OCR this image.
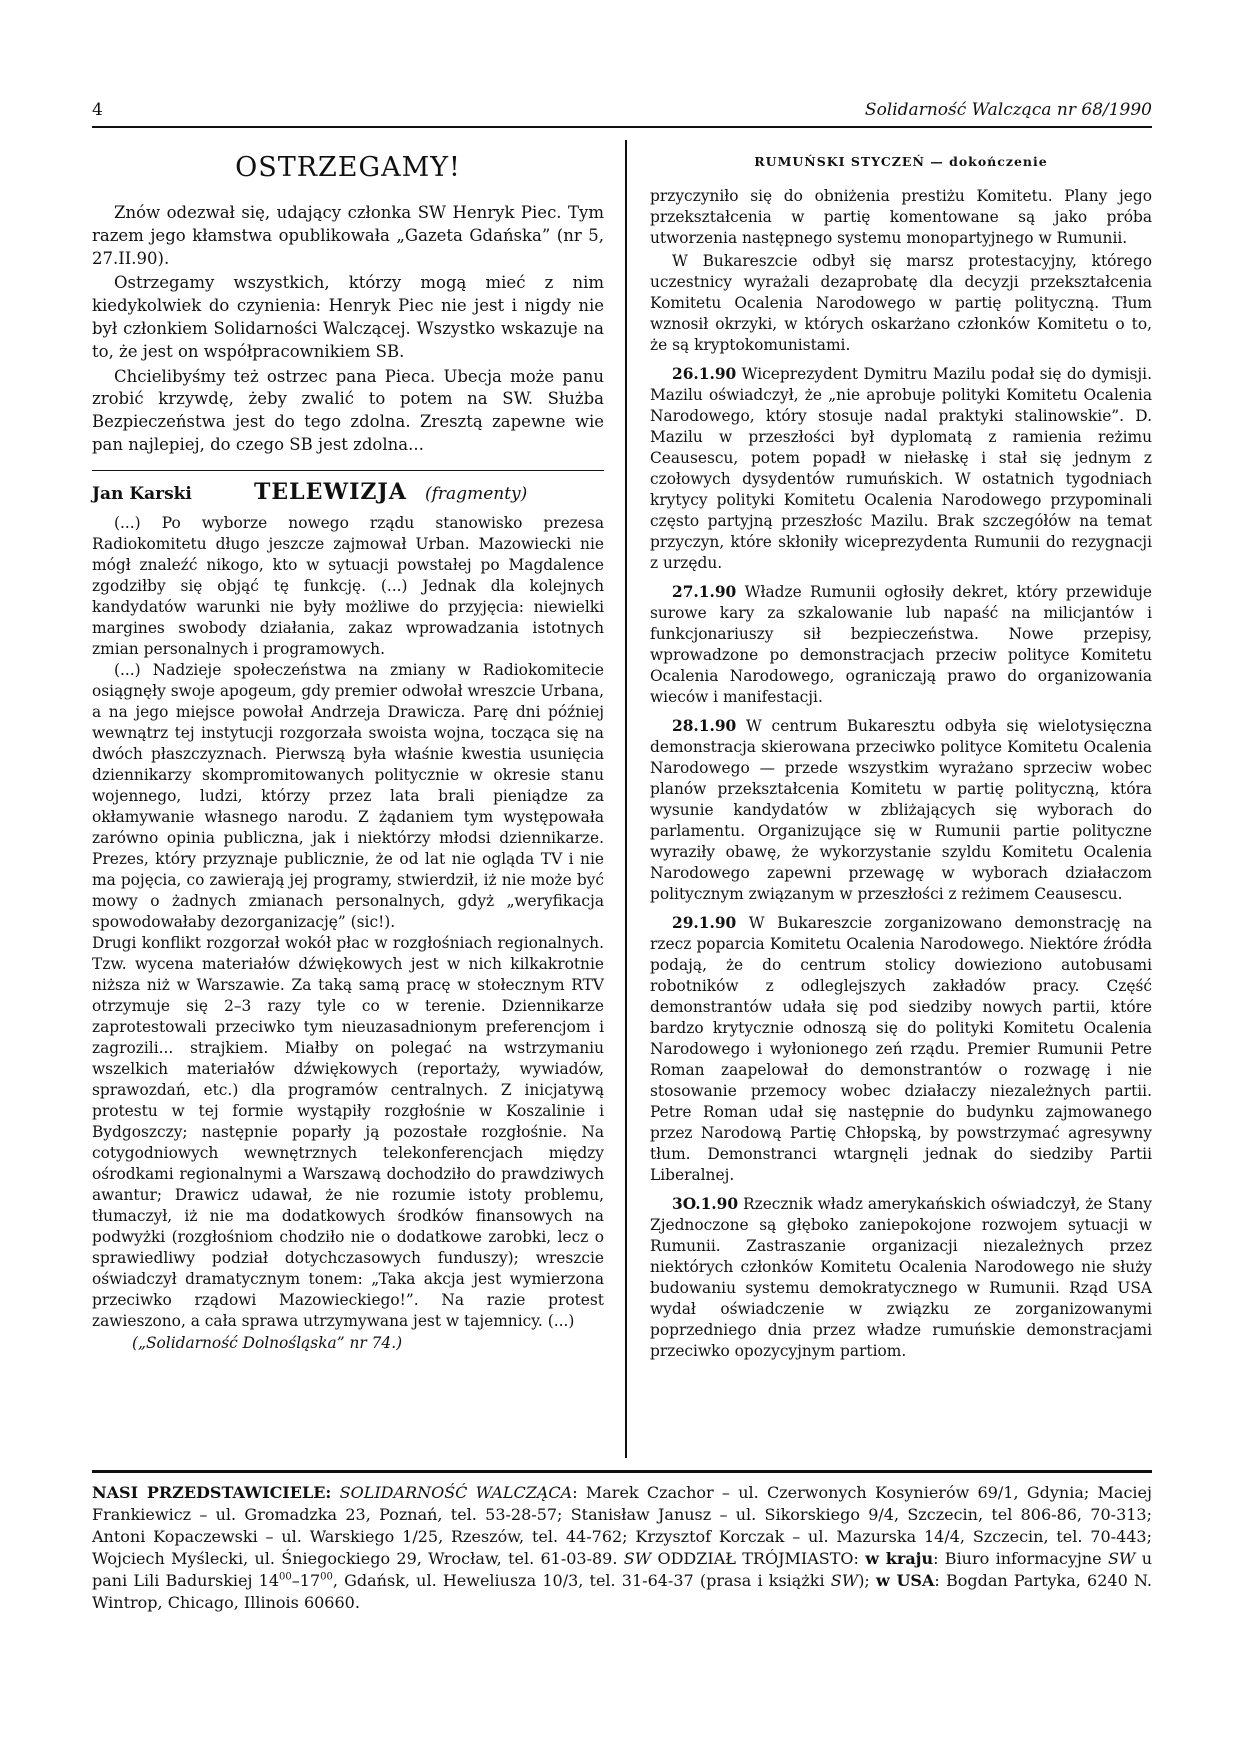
4	Solidarność Walcząca nr 68/1990
OSTRZEGAMY!

Znów odezwał się, udający członka SW Henryk Piec. Tym razem jego kłamstwa opublikowała „Gazeta Gdańska” (nr 5, 27.II.90).

Ostrzegamy wszystkich, którzy mogą mieć z nim kiedykolwiek do czynienia: Henryk Piec nie jest i nigdy nie był członkiem Solidarności Walczącej. Wszystko wskazuje na to, że jest on współpracownikiem SB.

Chcielibyśmy też ostrzec pana Pieca. Ubecja może panu zrobić krzywdę, żeby zwalić to potem na SW. Służba Bezpieczeństwa jest do tego zdolna. Zresztą zapewne wie pan najlepiej, do czego SB jest zdolna...

Jan Karski	TELEWIZJA (fragmenty)

(...) Po wyborze nowego rządu stanowisko prezesa Radiokomitetu długo jeszcze zajmował Urban. Mazowiecki nie mógł znaleźć nikogo, kto w sytuacji powstałej po Magdalence zgodziłby się objąć tę funkcję. (...) Jednak dla kolejnych kandydatów warunki nie były możliwe do przyjęcia: niewielki margines swobody działania, zakaz wprowadzania istotnych zmian personalnych i programowych.

(...) Nadzieje społeczeństwa na zmiany w Radiokomitecie osiągnęły swoje apogeum, gdy premier odwołał wreszcie Urbana, a na jego miejsce powołał Andrzeja Drawicza. Parę dni później wewnątrz tej instytucji rozgorzała swoista wojna, tocząca się na dwóch płaszczyznach. Pierwszą była właśnie kwestia usunięcia dziennikarzy skompromitowanych politycznie w okresie stanu wojennego, ludzi, którzy przez lata brali pieniądze za okłamywanie własnego narodu. Z żądaniem tym występowała zarówno opinia publiczna, jak i niektórzy młodsi dziennikarze. Prezes, który przyznaje publicznie, że od lat nie ogląda TV i nie ma pojęcia, co zawierają jej programy, stwierdził, iż nie może być mowy o żadnych zmianach personalnych, gdyż „weryfikacja spowodowałaby dezorganizację” (sic!).

Drugi konflikt rozgorzał wokół płac w rozgłośniach regionalnych. Tzw. wycena materiałów dźwiękowych jest w nich kilkakrotnie niższa niż w Warszawie. Za taką samą pracę w stołecznym RTV otrzymuje się 2–3 razy tyle co w terenie. Dziennikarze zaprotestowali przeciwko tym nieuzasadnionym preferencjom i zagrozili... strajkiem. Miałby on polegać na wstrzymaniu wszelkich materiałów dźwiękowych (reportaży, wywiadów, sprawozdań, etc.) dla programów centralnych. Z inicjatywą protestu w tej formie wystąpiły rozgłośnie w Koszalinie i Bydgoszczy; następnie poparły ją pozostałe rozgłośnie. Na cotygodniowych wewnętrznych telekonferencjach między ośrodkami regionalnymi a Warszawą dochodziło do prawdziwych awantur; Drawicz udawał, że nie rozumie istoty problemu, tłumaczył, iż nie ma dodatkowych środków finansowych na podwyżki (rozgłośniom chodziło nie o dodatkowe zarobki, lecz o sprawiedliwy podział dotychczasowych funduszy); wreszcie oświadczył dramatycznym tonem: „Taka akcja jest wymierzona przeciwko rządowi Mazowieckiego!”. Na razie protest zawieszono, a cała sprawa utrzymywana jest w tajemnicy. (...)

(„Solidarność Dolnośląska” nr 74.)
RUMUŃSKI STYCZEŃ — dokończenie

przyczyniło się do obniżenia prestiżu Komitetu. Plany jego przekształcenia w partię komentowane są jako próba utworzenia następnego systemu monopartyjnego w Rumunii.

W Bukareszcie odbył się marsz protestacyjny, którego uczestnicy wyrażali dezaprobatę dla decyzji przekształcenia Komitetu Ocalenia Narodowego w partię polityczną. Tłum wznosił okrzyki, w których oskarżano członków Komitetu o to, że są kryptokomunistami.

26.1.90 Wiceprezydent Dymitru Mazilu podał się do dymisji. Mazilu oświadczył, że „nie aprobuje polityki Komitetu Ocalenia Narodowego, który stosuje nadal praktyki stalinowskie”. D. Mazilu w przeszłości był dyplomatą z ramienia reżimu Ceausescu, potem popadł w niełaskę i stał się jednym z czołowych dysydentów rumuńskich. W ostatnich tygodniach krytycy polityki Komitetu Ocalenia Narodowego przypominali często partyjną przeszłośc Mazilu. Brak szczegółów na temat przyczyn, które skłoniły wiceprezydenta Rumunii do rezygnacji z urzędu.

27.1.90 Władze Rumunii ogłosiły dekret, który przewiduje surowe kary za szkalowanie lub napaść na milicjantów i funkcjonariuszy sił bezpieczeństwa. Nowe przepisy, wprowadzone po demonstracjach przeciw polityce Komitetu Ocalenia Narodowego, ograniczają prawo do organizowania wieców i manifestacji.

28.1.90 W centrum Bukaresztu odbyła się wielotysięczna demonstracja skierowana przeciwko polityce Komitetu Ocalenia Narodowego — przede wszystkim wyrażano sprzeciw wobec planów przekształcenia Komitetu w partię polityczną, która wysunie kandydatów w zbliżających się wyborach do parlamentu. Organizujące się w Rumunii partie polityczne wyraziły obawę, że wykorzystanie szyldu Komitetu Ocalenia Narodowego zapewni przewagę w wyborach działaczom politycznym związanym w przeszłości z reżimem Ceausescu.

29.1.90 W Bukareszcie zorganizowano demonstrację na rzecz poparcia Komitetu Ocalenia Narodowego. Niektóre źródła podają, że do centrum stolicy dowieziono autobusami robotników z odleglejszych zakładów pracy. Część demonstrantów udała się pod siedziby nowych partii, które bardzo krytycznie odnoszą się do polityki Komitetu Ocalenia Narodowego i wyłonionego zeń rządu. Premier Rumunii Petre Roman zaapelował do demonstrantów o rozwagę i nie stosowanie przemocy wobec działaczy niezależnych partii. Petre Roman udał się następnie do budynku zajmowanego przez Narodową Partię Chłopską, by powstrzymać agresywny tłum. Demonstranci wtargnęli jednak do siedziby Partii Liberalnej.

3O.1.90 Rzecznik władz amerykańskich oświadczył, że Stany Zjednoczone są głęboko zaniepokojone rozwojem sytuacji w Rumunii. Zastraszanie organizacji niezależnych przez niektórych członków Komitetu Ocalenia Narodowego nie służy budowaniu systemu demokratycznego w Rumunii. Rząd USA wydał oświadczenie w związku ze zorganizowanymi poprzedniego dnia przez władze rumuńskie demonstracjami przeciwko opozycyjnym partiom.

NASI PRZEDSTAWICIELE: SOLIDARNOŚĆ WALCZĄCA: Marek Czachor – ul. Czerwonych Kosynierów 69/1, Gdynia; Maciej Frankiewicz – ul. Gromadzka 23, Poznań, tel. 53-28-57; Stanisław Janusz – ul. Sikorskiego 9/4, Szczecin, tel 806-86, 70-313; Antoni Kopaczewski – ul. Warskiego 1/25, Rzeszów, tel. 44-762; Krzysztof Korczak – ul. Mazurska 14/4, Szczecin, tel. 70-443; Wojciech Myślecki, ul. Śniegockiego 29, Wrocław, tel. 61-03-89. SW ODDZIAŁ TRÓJMIASTO: w kraju: Biuro informacyjne SW u pani Lili Badurskiej $14^{00}-17^{00}$, Gdańsk, ul. Heweliusza 10/3, tel. 31-64-37 (prasa i książki SW); w USA: Bogdan Partyka, 6240 N. Wintrop, Chicago, Illinois 60660.
